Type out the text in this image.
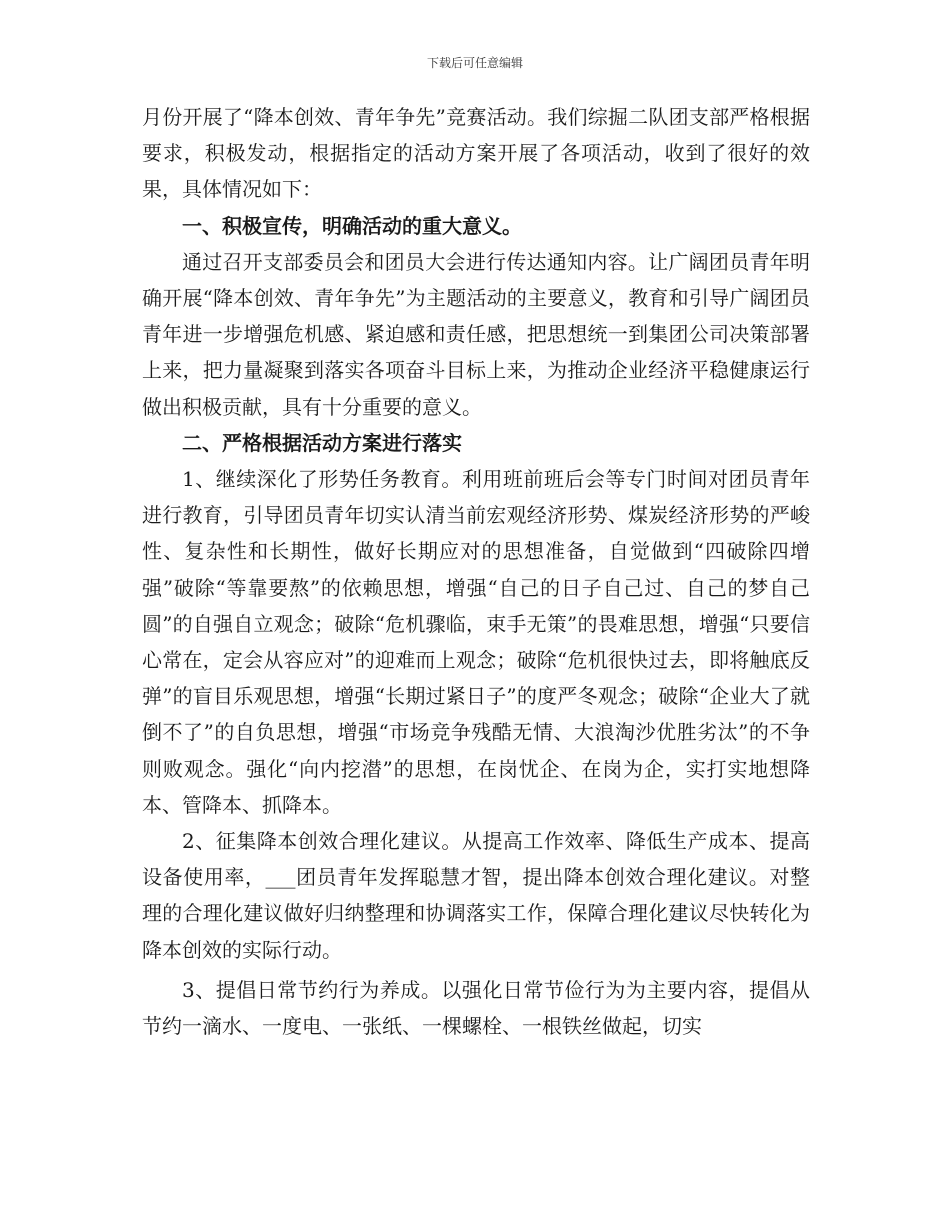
下载后可任意编辑

月份开展了“降本创效、青年争先”竞赛活动。我们综掘二队团支部严格根据要求，积极发动，根据指定的活动方案开展了各项活动，收到了很好的效果，具体情况如下：

一、积极宣传，明确活动的重大意义。

通过召开支部委员会和团员大会进行传达通知内容。让广阔团员青年明确开展“降本创效、青年争先”为主题活动的主要意义，教育和引导广阔团员青年进一步增强危机感、紧迫感和责任感，把思想统一到集团公司决策部署上来，把力量凝聚到落实各项奋斗目标上来，为推动企业经济平稳健康运行做出积极贡献，具有十分重要的意义。

二、严格根据活动方案进行落实

1、继续深化了形势任务教育。利用班前班后会等专门时间对团员青年进行教育，引导团员青年切实认清当前宏观经济形势、煤炭经济形势的严峻性、复杂性和长期性，做好长期应对的思想准备，自觉做到“四破除四增强”破除“等靠要熬”的依赖思想，增强“自己的日子自己过、自己的梦自己圆”的自强自立观念；破除“危机骤临，束手无策”的畏难思想，增强“只要信心常在，定会从容应对”的迎难而上观念；破除“危机很快过去，即将触底反弹”的盲目乐观思想，增强“长期过紧日子”的度严冬观念；破除“企业大了就倒不了”的自负思想，增强“市场竞争残酷无情、大浪淘沙优胜劣汰”的不争则败观念。强化“向内挖潜”的思想，在岗忧企、在岗为企，实打实地想降本、管降本、抓降本。

2、征集降本创效合理化建议。从提高工作效率、降低生产成本、提高设备使用率，___团员青年发挥聪慧才智，提出降本创效合理化建议。对整理的合理化建议做好归纳整理和协调落实工作，保障合理化建议尽快转化为降本创效的实际行动。

3、提倡日常节约行为养成。以强化日常节俭行为为主要内容，提倡从节约一滴水、一度电、一张纸、一棵螺栓、一根铁丝做起，切实
